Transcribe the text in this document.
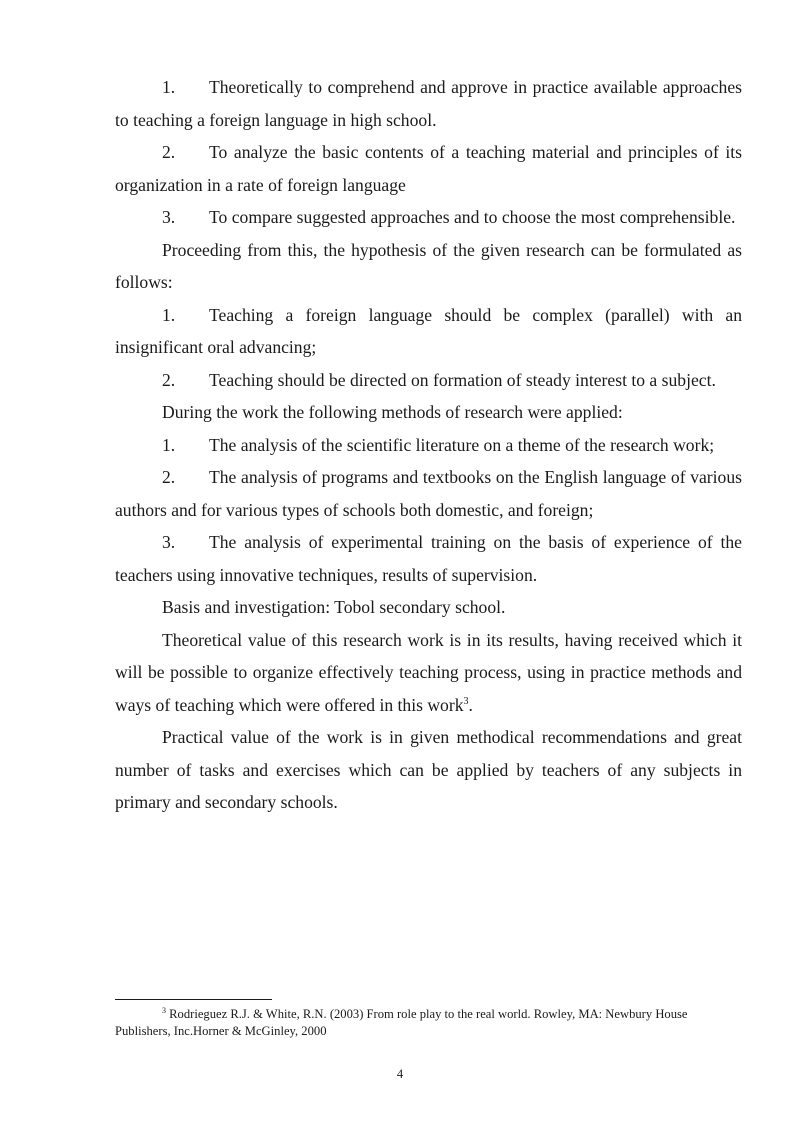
1. Theoretically to comprehend and approve in practice available approaches to teaching a foreign language in high school.

2. To analyze the basic contents of a teaching material and principles of its organization in a rate of foreign language

3. To compare suggested approaches and to choose the most comprehensible.

Proceeding from this, the hypothesis of the given research can be formulated as follows:

1. Teaching a foreign language should be complex (parallel) with an insignificant oral advancing;

2. Teaching should be directed on formation of steady interest to a subject.

During the work the following methods of research were applied:

1. The analysis of the scientific literature on a theme of the research work;

2. The analysis of programs and textbooks on the English language of various authors and for various types of schools both domestic, and foreign;

3. The analysis of experimental training on the basis of experience of the teachers using innovative techniques, results of supervision.

Basis and investigation: Tobol secondary school.

Theoretical value of this research work is in its results, having received which it will be possible to organize effectively teaching process, using in practice methods and ways of teaching which were offered in this work$^3$.

Practical value of the work is in given methodical recommendations and great number of tasks and exercises which can be applied by teachers of any subjects in primary and secondary schools.

$^3$ Rodrieguez R.J. & White, R.N. (2003) From role play to the real world. Rowley, MA: Newbury House Publishers, Inc.Horner & McGinley, 2000

4
